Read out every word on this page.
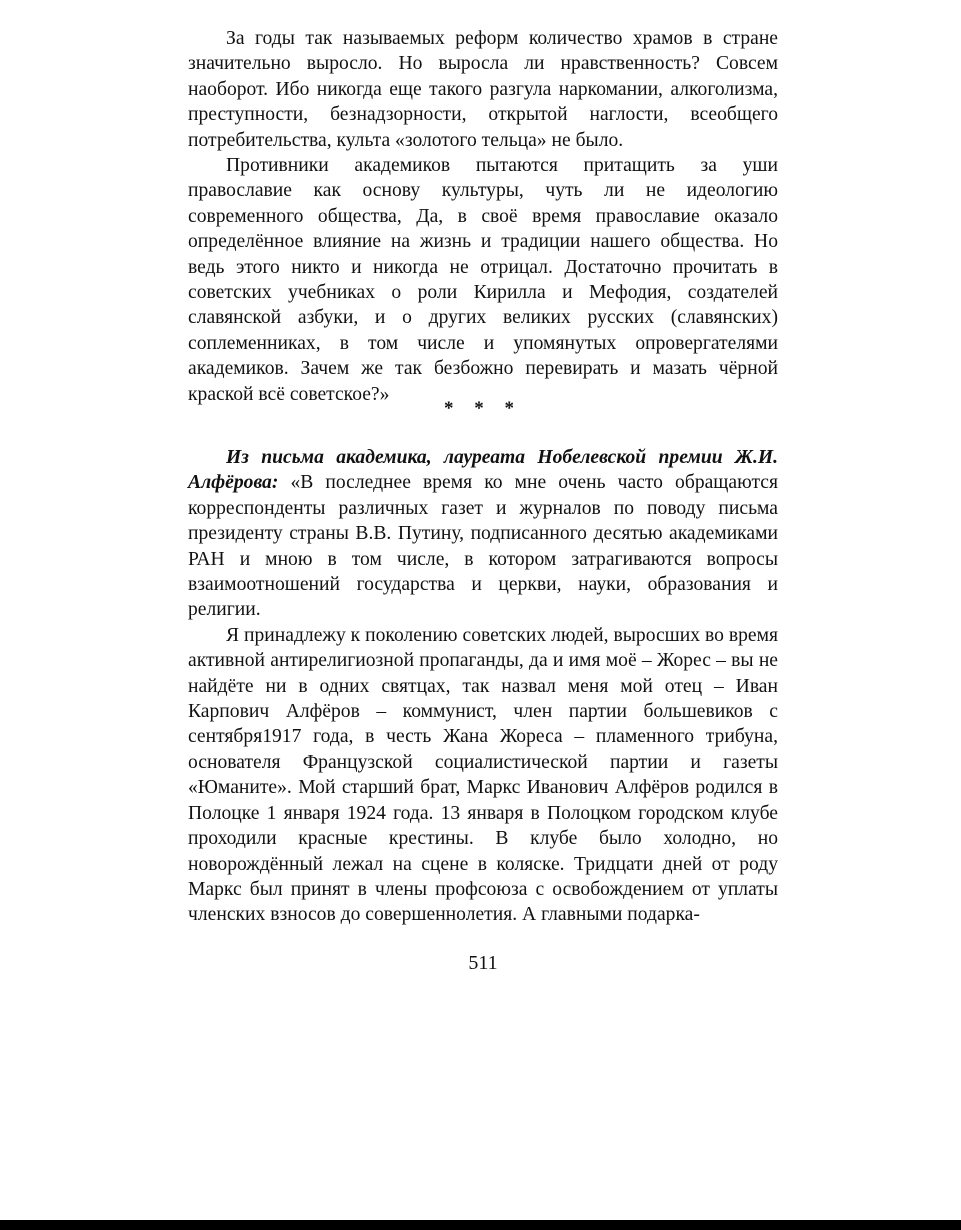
За годы так называемых реформ количество храмов в стране значительно выросло. Но выросла ли нравственность? Совсем наоборот. Ибо никогда еще такого разгула наркомании, алкоголизма, преступности, безнадзорности, открытой наглости, всеобщего потребительства, культа «золотого тельца» не было.

Противники академиков пытаются притащить за уши православие как основу культуры, чуть ли не идеологию современного общества, Да, в своё время православие оказало определённое влияние на жизнь и традиции нашего общества. Но ведь этого никто и никогда не отрицал. Достаточно прочитать в советских учебниках о роли Кирилла и Мефодия, создателей славянской азбуки, и о других великих русских (славянских) соплеменниках, в том числе и упомянутых опровергателями академиков. Зачем же так безбожно перевирать и мазать чёрной краской всё советское?»

* * *

Из письма академика, лауреата Нобелевской премии Ж.И. Алфёрова: «В последнее время ко мне очень часто обращаются корреспонденты различных газет и журналов по поводу письма президенту страны В.В. Путину, подписанного десятью академиками РАН и мною в том числе, в котором затрагиваются вопросы взаимоотношений государства и церкви, науки, образования и религии.

Я принадлежу к поколению советских людей, выросших во время активной антирелигиозной пропаганды, да и имя моё – Жорес – вы не найдёте ни в одних святцах, так назвал меня мой отец – Иван Карпович Алфёров – коммунист, член партии большевиков с сентября1917 года, в честь Жана Жореса – пламенного трибуна, основателя Французской социалистической партии и газеты «Юманите». Мой старший брат, Маркс Иванович Алфёров родился в Полоцке 1 января 1924 года. 13 января в Полоцком городском клубе проходили красные крестины. В клубе было холодно, но новорождённый лежал на сцене в коляске. Тридцати дней от роду Маркс был принят в члены профсоюза с освобождением от уплаты членских взносов до совершеннолетия. А главными подарка-

511
